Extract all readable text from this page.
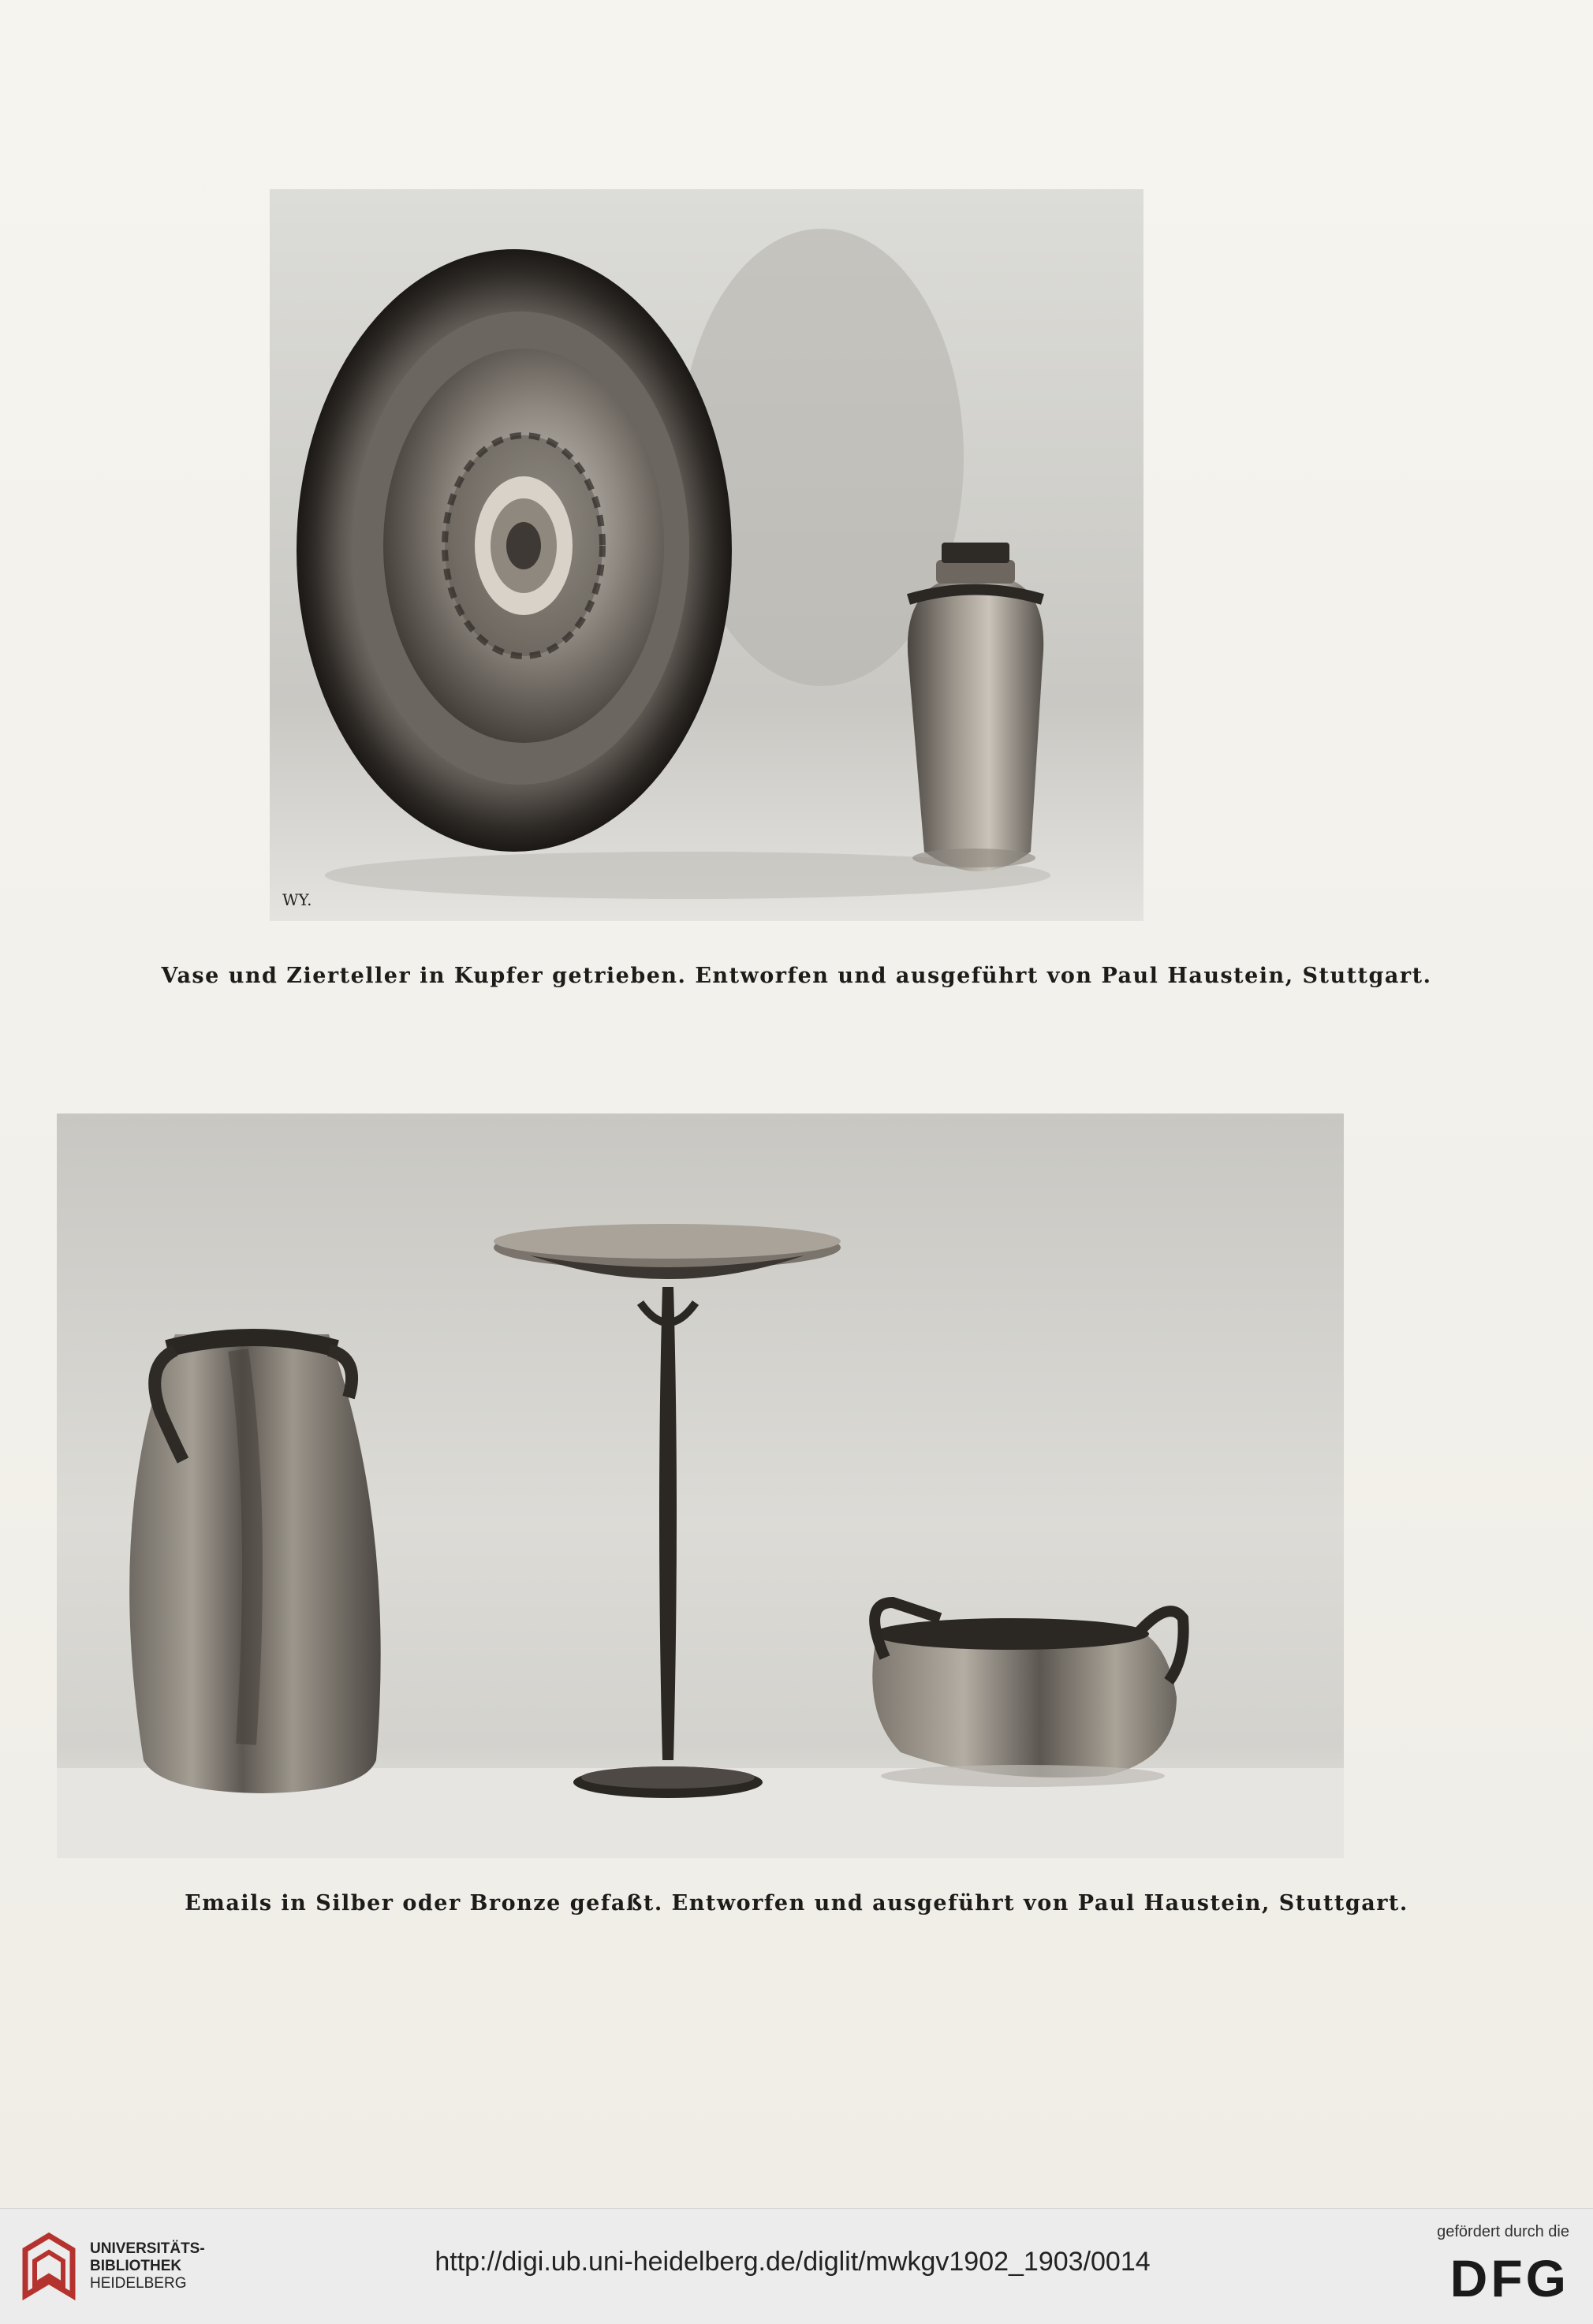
WY.
Vase und Zierteller in Kupfer getrieben. Entworfen und ausgeführt von Paul Haustein, Stuttgart.
Emails in Silber oder Bronze gefaßt. Entworfen und ausgeführt von Paul Haustein, Stuttgart.
UNIVERSITÄTS-
BIBLIOTHEK
HEIDELBERG
http://digi.ub.uni-heidelberg.de/diglit/mwkgv1902_1903/0014
gefördert durch die
DFG
